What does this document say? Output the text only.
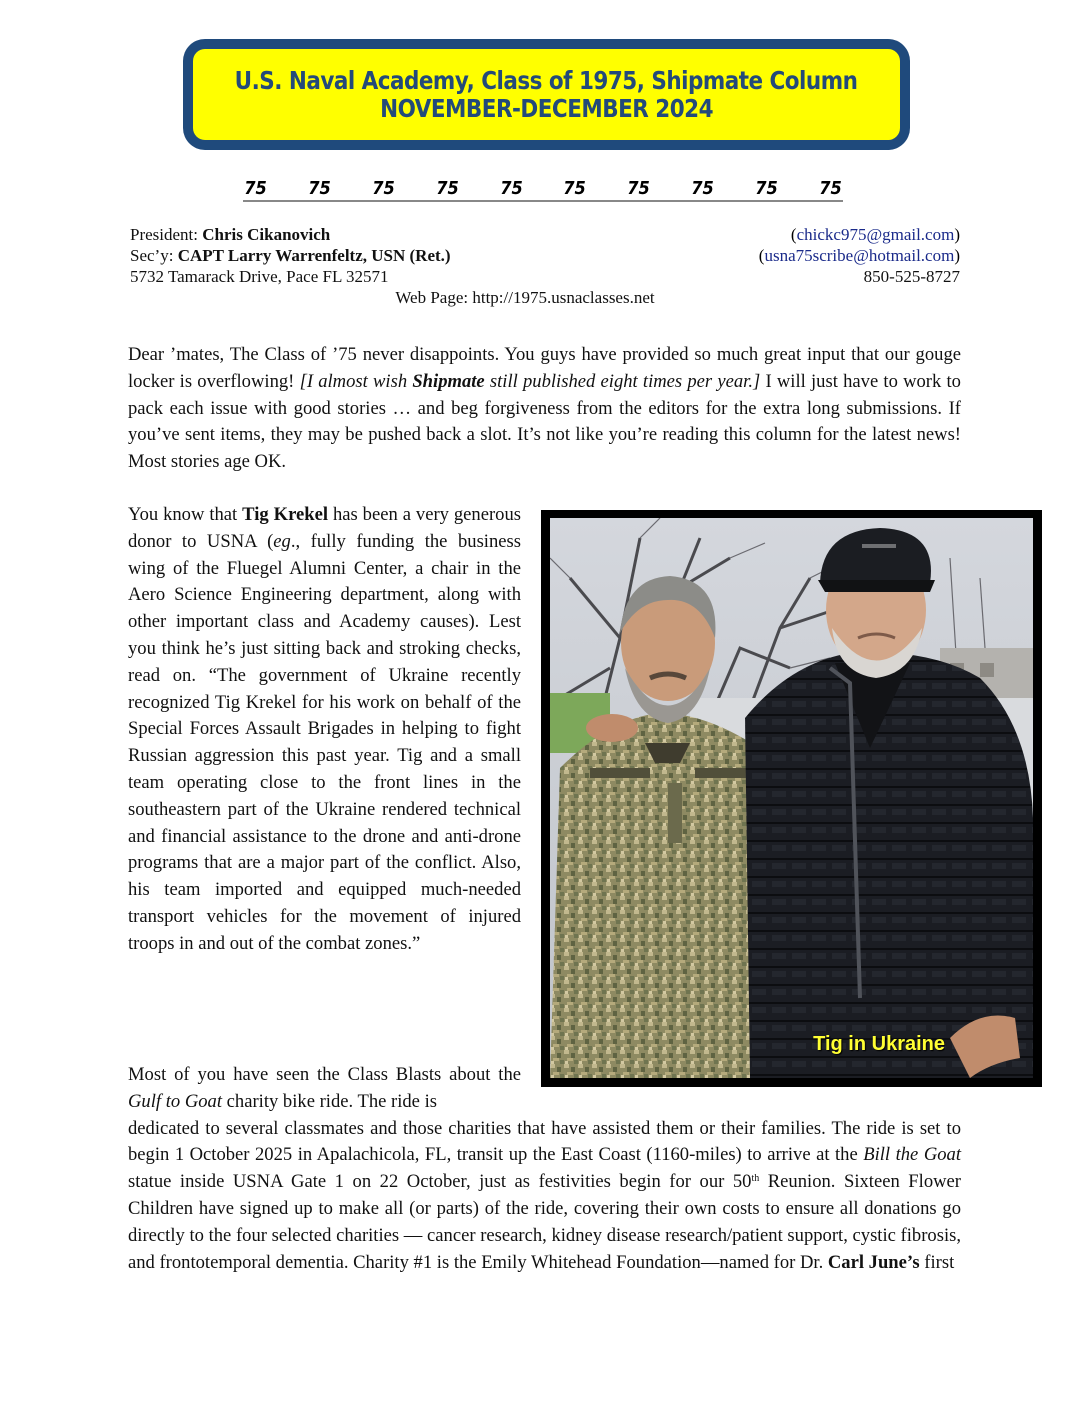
U.S. Naval Academy, Class of 1975, Shipmate Column
NOVEMBER-DECEMBER 2024
75 75 75 75 75 75 75 75 75 75
President: Chris Cikanovich	(chickc975@gmail.com)
Sec’y: CAPT Larry Warrenfeltz, USN (Ret.)	(usna75scribe@hotmail.com)
5732 Tamarack Drive, Pace FL 32571	850-525-8727
Web Page: http://1975.usnaclasses.net
Dear ’mates, The Class of ’75 never disappoints. You guys have provided so much great input that our gouge locker is overflowing! [I almost wish Shipmate still published eight times per year.] I will just have to work to pack each issue with good stories … and beg forgiveness from the editors for the extra long submissions. If you’ve sent items, they may be pushed back a slot. It’s not like you’re reading this column for the latest news! Most stories age OK.
You know that Tig Krekel has been a very generous donor to USNA (eg., fully funding the business wing of the Fluegel Alumni Center, a chair in the Aero Science Engineering department, along with other important class and Academy causes). Lest you think he’s just sitting back and stroking checks, read on. “The government of Ukraine recently recognized Tig Krekel for his work on behalf of the Special Forces Assault Brigades in helping to fight Russian aggression this past year. Tig and a small team operating close to the front lines in the southeastern part of the Ukraine rendered technical and financial assistance to the drone and anti-drone programs that are a major part of the conflict. Also, his team imported and equipped much-needed transport vehicles for the movement of injured troops in and out of the combat zones.”
Tig in Ukraine
Most of you have seen the Class Blasts about the Gulf to Goat charity bike ride. The ride is
dedicated to several classmates and those charities that have assisted them or their families. The ride is set to begin 1 October 2025 in Apalachicola, FL, transit up the East Coast (1160-miles) to arrive at the Bill the Goat statue inside USNA Gate 1 on 22 October, just as festivities begin for our 50th Reunion. Sixteen Flower Children have signed up to make all (or parts) of the ride, covering their own costs to ensure all donations go directly to the four selected charities — cancer research, kidney disease research/patient support, cystic fibrosis, and frontotemporal dementia. Charity #1 is the Emily Whitehead Foundation—named for Dr. Carl June’s first
